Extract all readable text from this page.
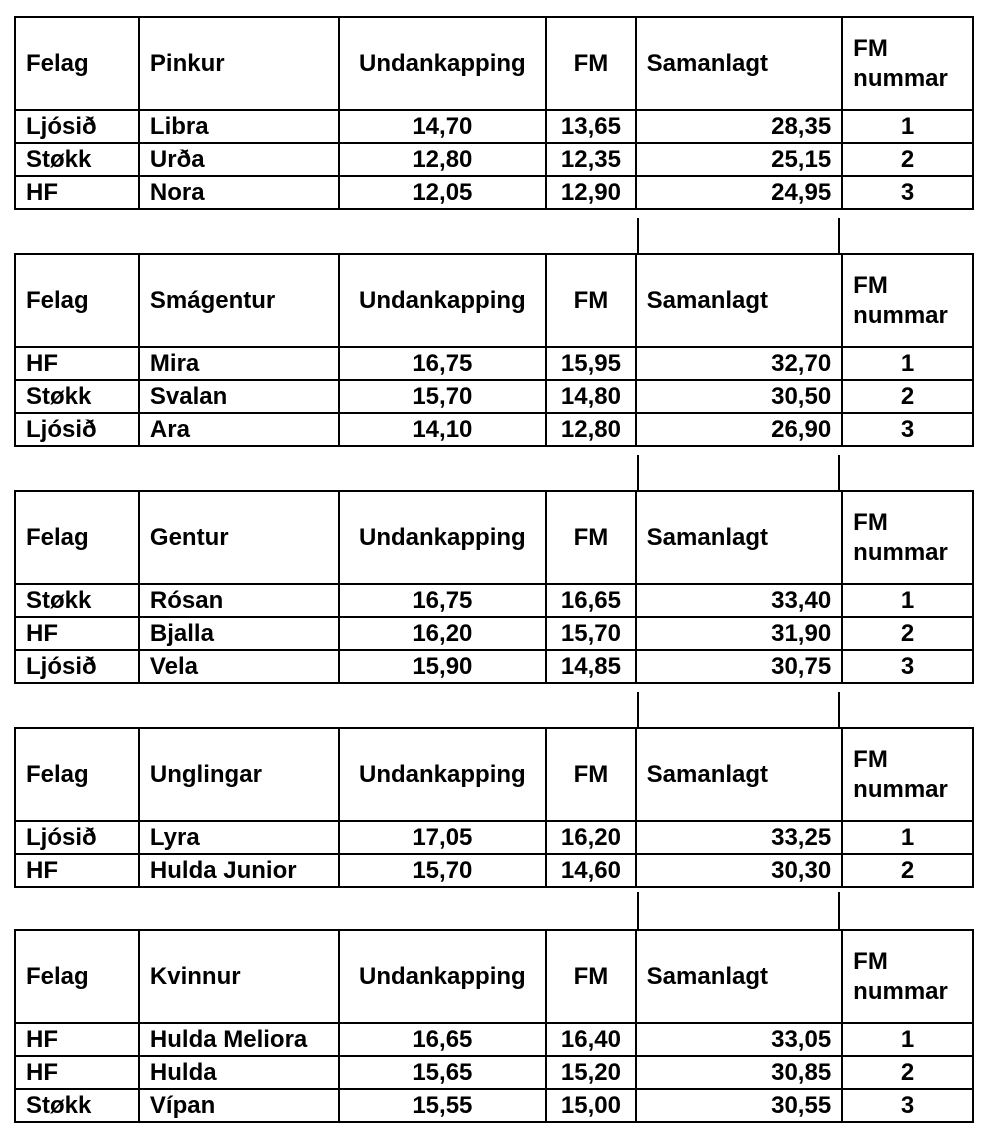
Felag	Pinkur	Undankapping	FM	Samanlagt	FM
nummar

Ljósið	Libra	14,70	13,65	28,35	1
Støkk	Urða	12,80	12,35	25,15	2
HF	Nora	12,05	12,90	24,95	3
Felag	Smágentur	Undankapping	FM	Samanlagt	FM
nummar

HF	Mira	16,75	15,95	32,70	1
Støkk	Svalan	15,70	14,80	30,50	2
Ljósið	Ara	14,10	12,80	26,90	3
Felag	Gentur	Undankapping	FM	Samanlagt	FM
nummar

Støkk	Rósan	16,75	16,65	33,40	1
HF	Bjalla	16,20	15,70	31,90	2
Ljósið	Vela	15,90	14,85	30,75	3
Felag	Unglingar	Undankapping	FM	Samanlagt	FM
nummar

Ljósið	Lyra	17,05	16,20	33,25	1
HF	Hulda Junior	15,70	14,60	30,30	2
Felag	Kvinnur	Undankapping	FM	Samanlagt	FM
nummar

HF	Hulda Meliora	16,65	16,40	33,05	1
HF	Hulda	15,65	15,20	30,85	2
Støkk	Vípan	15,55	15,00	30,55	3
